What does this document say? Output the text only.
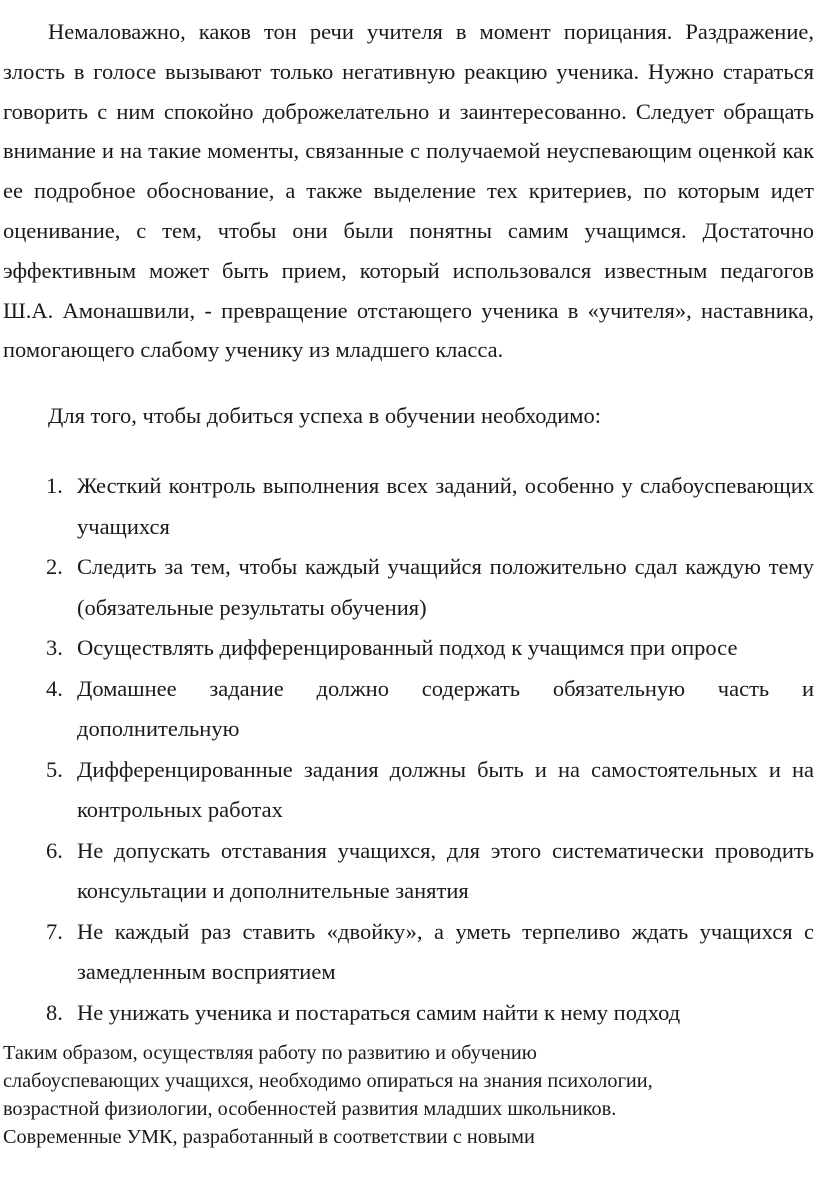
Немаловажно, каков тон речи учителя в момент порицания. Раздражение, злость в голосе вызывают только негативную реакцию ученика. Нужно стараться говорить с ним спокойно доброжелательно и заинтересованно. Следует обращать внимание и на такие моменты, связанные с получаемой неуспевающим оценкой как ее подробное обоснование, а также выделение тех критериев, по которым идет оценивание, с тем, чтобы они были понятны самим учащимся. Достаточно эффективным может быть прием, который использовался известным педагогов Ш.А. Амонашвили, - превращение отстающего ученика в «учителя», наставника, помогающего слабому ученику из младшего класса.

Для того, чтобы добиться успеха в обучении необходимо:

1. Жесткий контроль выполнения всех заданий, особенно у слабоуспевающих учащихся
2. Следить за тем, чтобы каждый учащийся положительно сдал каждую тему (обязательные результаты обучения)
3. Осуществлять дифференцированный подход к учащимся при опросе
4. Домашнее задание должно содержать обязательную часть и дополнительную
5. Дифференцированные задания должны быть и на самостоятельных и на контрольных работах
6. Не допускать отставания учащихся, для этого систематически проводить консультации и дополнительные занятия
7. Не каждый раз ставить «двойку», а уметь терпеливо ждать учащихся с замедленным восприятием
8. Не унижать ученика и постараться самим найти к нему подход

Таким образом, осуществляя работу по развитию и обучению слабоуспевающих учащихся, необходимо опираться на знания психологии, возрастной физиологии, особенностей развития младших школьников. Современные УМК, разработанный в соответствии с новыми
